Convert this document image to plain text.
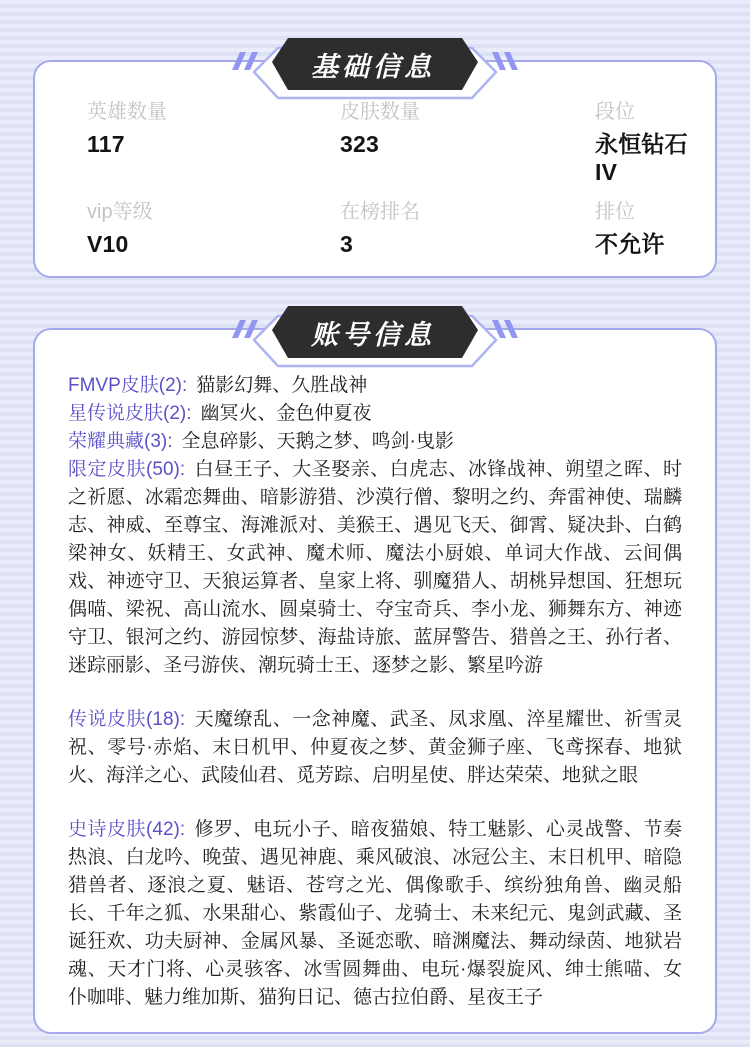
基础信息
英雄数量
117
皮肤数量
323
段位
永恒钻石IV
vip等级
V10
在榜排名
3
排位
不允许
账号信息

FMVP皮肤(2): 猫影幻舞、久胜战神

星传说皮肤(2): 幽冥火、金色仲夏夜

荣耀典藏(3): 全息碎影、天鹅之梦、鸣剑·曳影

限定皮肤(50): 白昼王子、大圣娶亲、白虎志、冰锋战神、朔望之晖、时之祈愿、冰霜恋舞曲、暗影游猎、沙漠行僧、黎明之约、奔雷神使、瑞麟志、神威、至尊宝、海滩派对、美猴王、遇见飞天、御霄、疑决卦、白鹤梁神女、妖精王、女武神、魔术师、魔法小厨娘、单词大作战、云间偶戏、神迹守卫、天狼运算者、皇家上将、驯魔猎人、胡桃异想国、狂想玩偶喵、梁祝、高山流水、圆桌骑士、夺宝奇兵、李小龙、狮舞东方、神迹守卫、银河之约、游园惊梦、海盐诗旅、蓝屏警告、猎兽之王、孙行者、迷踪丽影、圣弓游侠、潮玩骑士王、逐梦之影、繁星吟游

传说皮肤(18): 天魔缭乱、一念神魔、武圣、凤求凰、淬星耀世、祈雪灵祝、零号·赤焰、末日机甲、仲夏夜之梦、黄金狮子座、飞鸢探春、地狱火、海洋之心、武陵仙君、觅芳踪、启明星使、胖达荣荣、地狱之眼

史诗皮肤(42): 修罗、电玩小子、暗夜猫娘、特工魅影、心灵战警、节奏热浪、白龙吟、晚萤、遇见神鹿、乘风破浪、冰冠公主、末日机甲、暗隐猎兽者、逐浪之夏、魅语、苍穹之光、偶像歌手、缤纷独角兽、幽灵船长、千年之狐、水果甜心、紫霞仙子、龙骑士、未来纪元、鬼剑武藏、圣诞狂欢、功夫厨神、金属风暴、圣诞恋歌、暗渊魔法、舞动绿茵、地狱岩魂、天才门将、心灵骇客、冰雪圆舞曲、电玩·爆裂旋风、绅士熊喵、女仆咖啡、魅力维加斯、猫狗日记、德古拉伯爵、星夜王子
